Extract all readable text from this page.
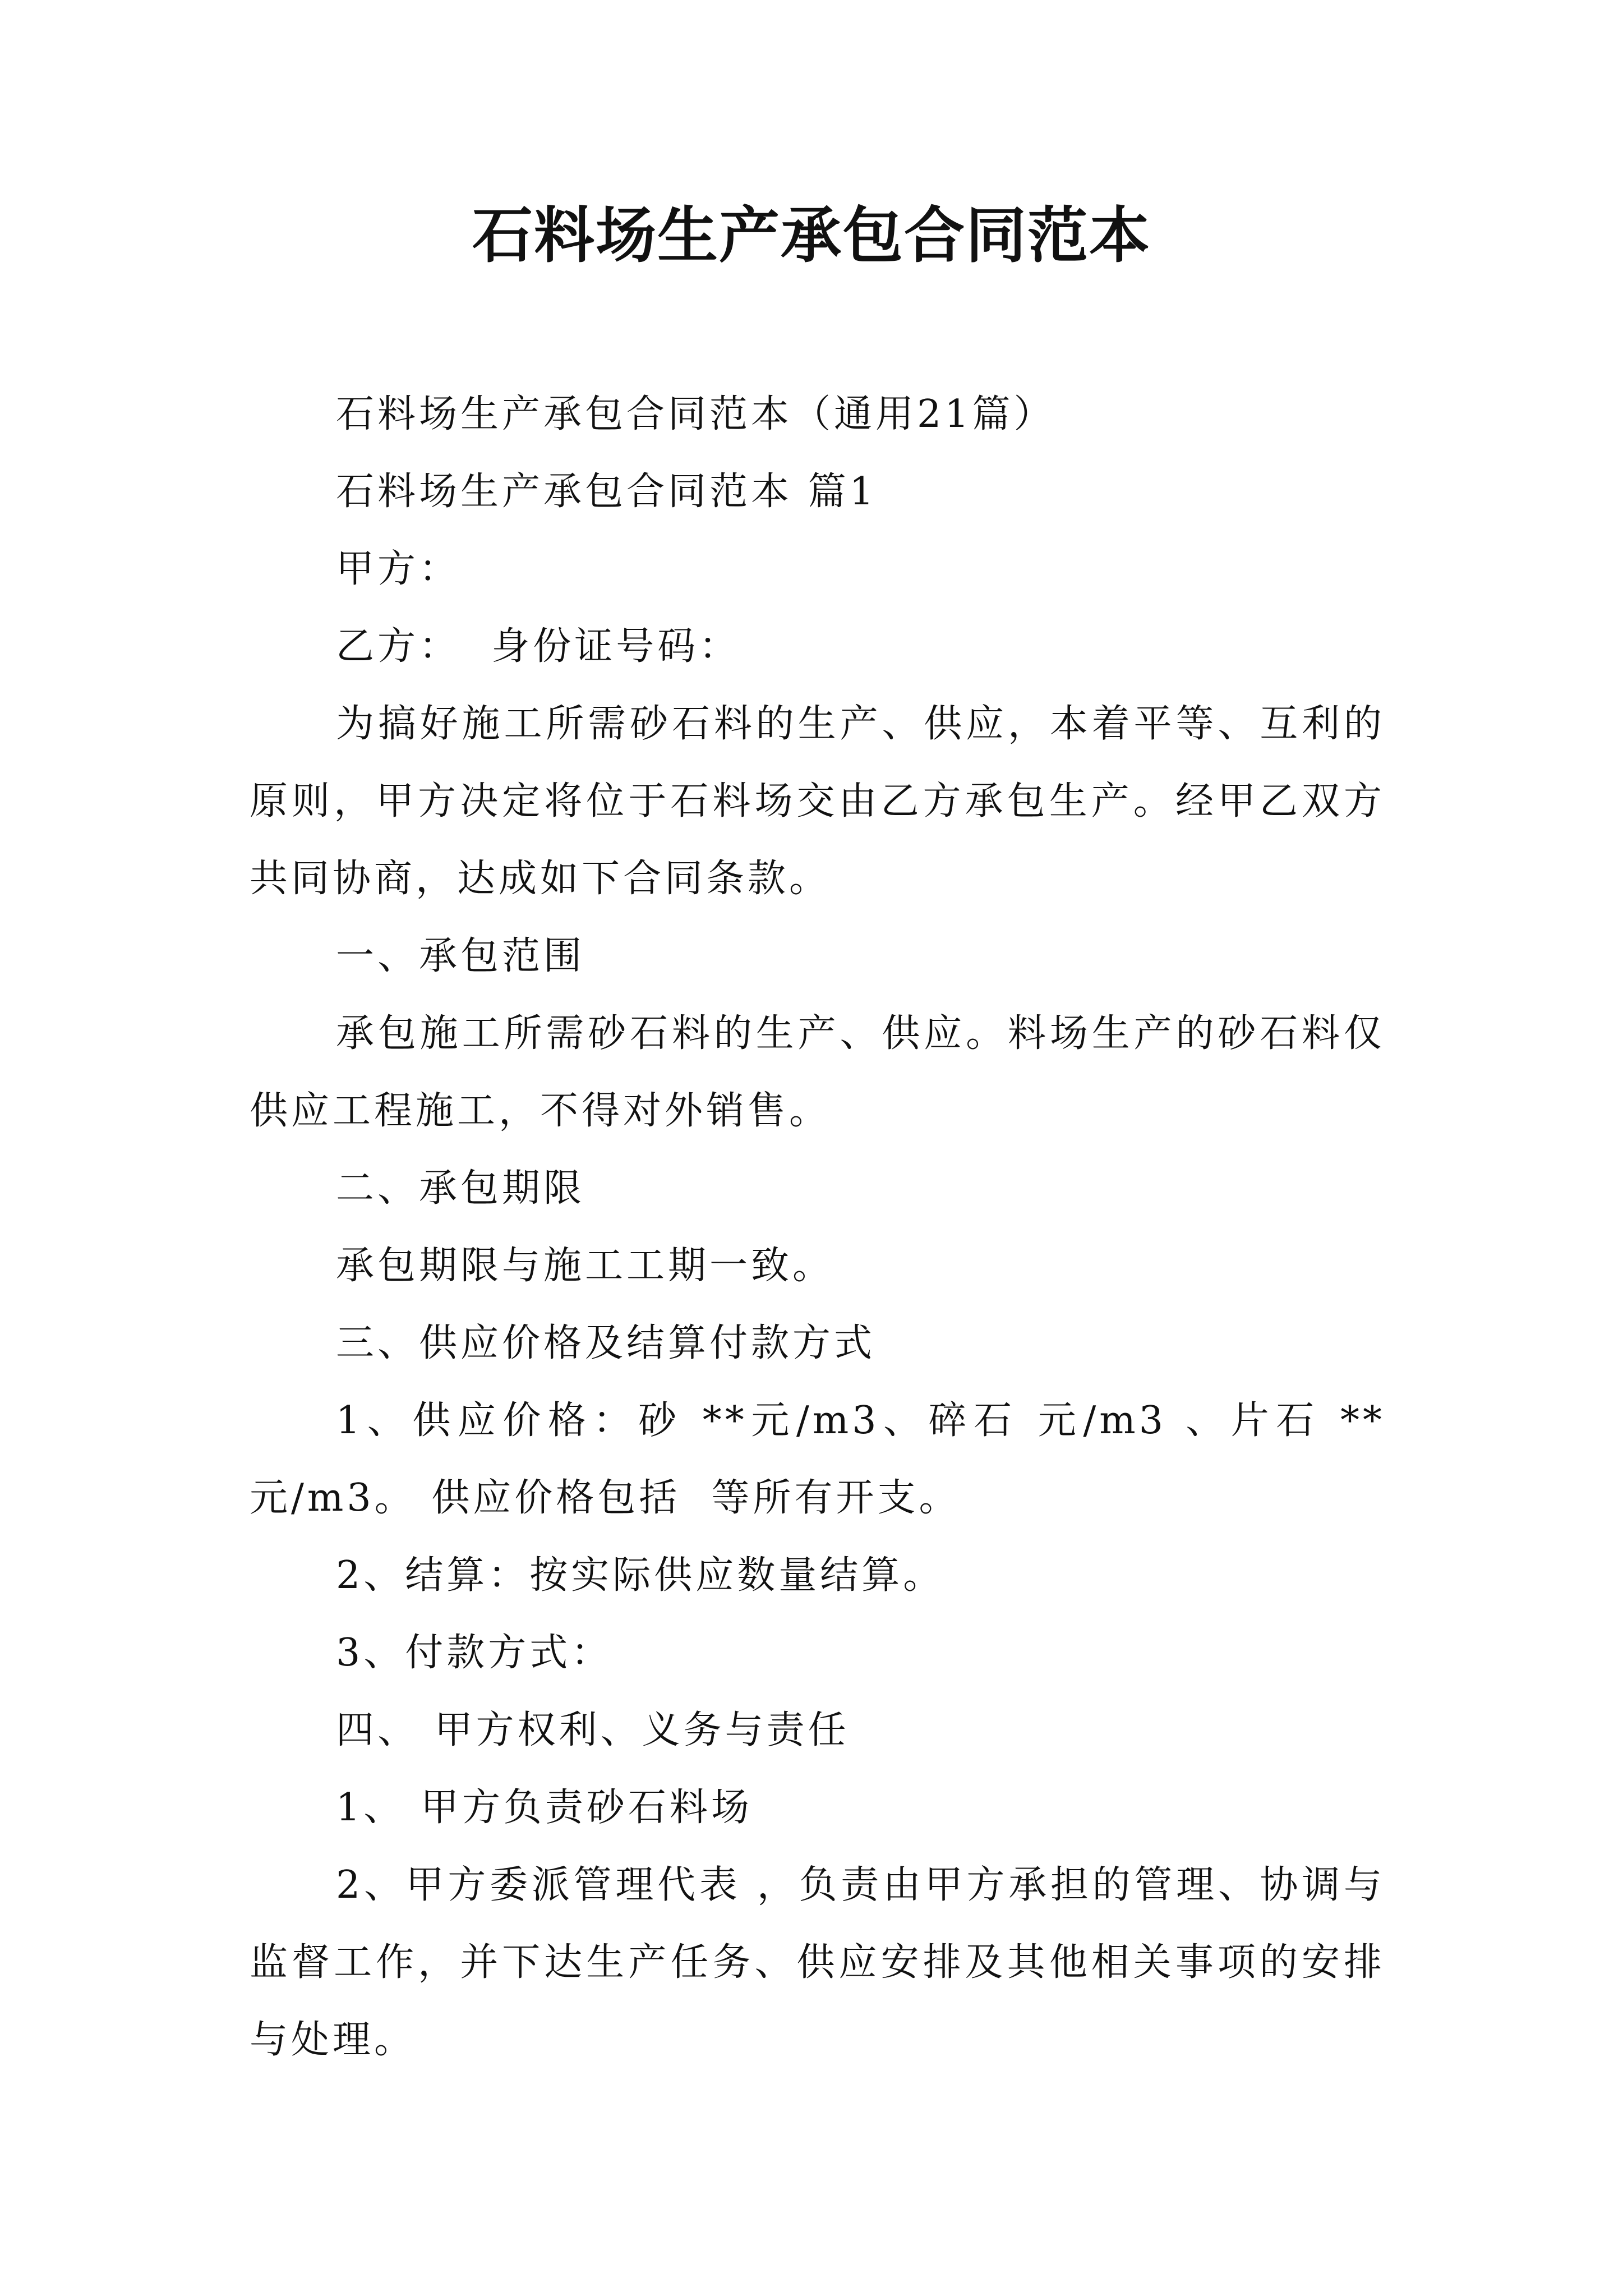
石料场生产承包合同范本

石料场生产承包合同范本（通用21篇）

石料场生产承包合同范本 篇1

甲方：

乙方：  身份证号码：

为搞好施工所需砂石料的生产、供应，本着平等、互利的原则，甲方决定将位于石料场交由乙方承包生产。经甲乙双方共同协商，达成如下合同条款。

一、承包范围

承包施工所需砂石料的生产、供应。料场生产的砂石料仅供应工程施工，不得对外销售。

二、承包期限

承包期限与施工工期一致。

三、供应价格及结算付款方式

1、供应价格：砂 **元/m3、碎石 元/m3 、片石 **元/m3。 供应价格包括  等所有开支。

2、结算：按实际供应数量结算。

3、付款方式：

四、 甲方权利、义务与责任

1、 甲方负责砂石料场

2、甲方委派管理代表 ，负责由甲方承担的管理、协调与监督工作，并下达生产任务、供应安排及其他相关事项的安排与处理。
